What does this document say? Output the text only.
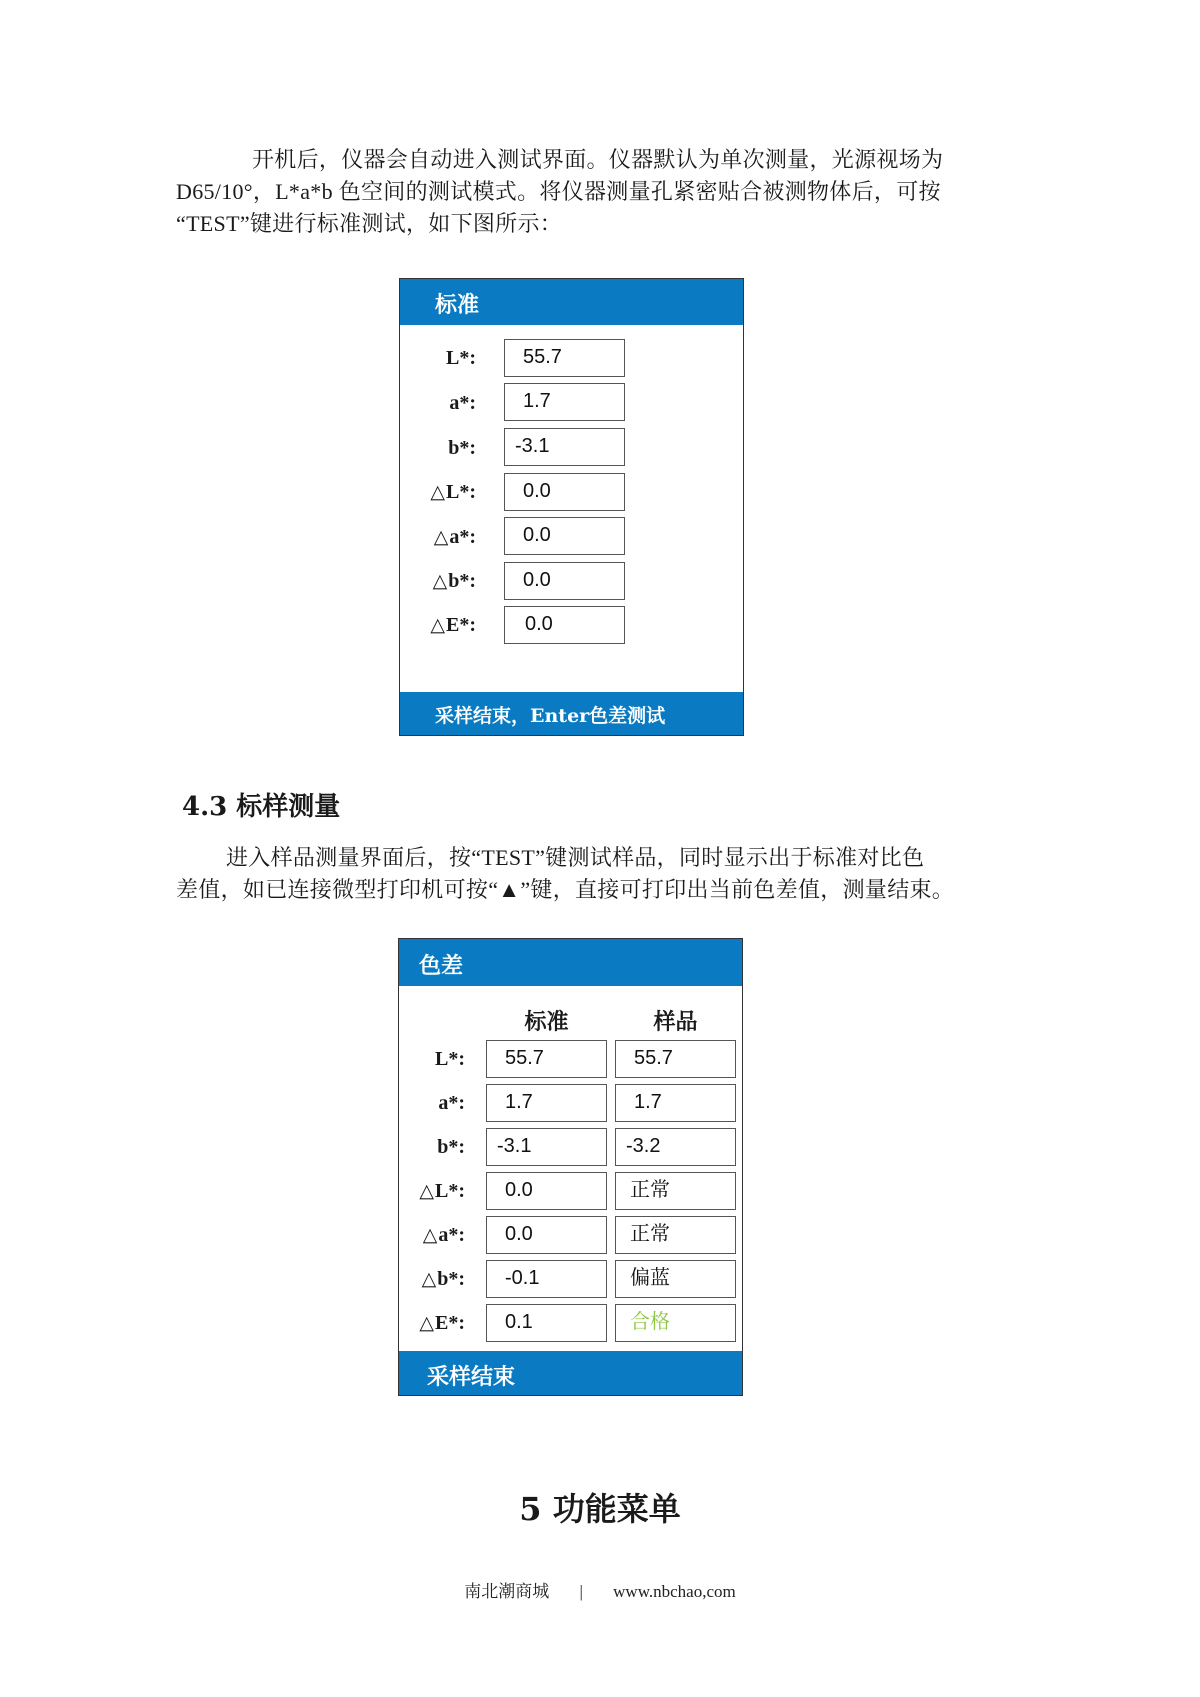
开机后，仪器会自动进入测试界面。仪器默认为单次测量，光源视场为
D65/10°，L*a*b 色空间的测试模式。将仪器测量孔紧密贴合被测物体后，可按
“TEST”键进行标准测试，如下图所示：
标准
L*:	55.7
a*:	1.7
b*:	-3.1
△L*:	0.0
△a*:	0.0
△b*:	0.0
△E*:	0.0
采样结束，Enter色差测试
4.3 标样测量
进入样品测量界面后，按“TEST”键测试样品，同时显示出于标准对比色
差值，如已连接微型打印机可按“▲”键，直接可打印出当前色差值，测量结束。
色差
标准	样品
L*:	55.7	55.7
a*:	1.7	1.7
b*:	-3.1	-3.2
△L*:	0.0	正常
△a*:	0.0	正常
△b*:	-0.1	偏蓝
△E*:	0.1	合格
采样结束
5 功能菜单
南北潮商城 | www.nbchao,com
